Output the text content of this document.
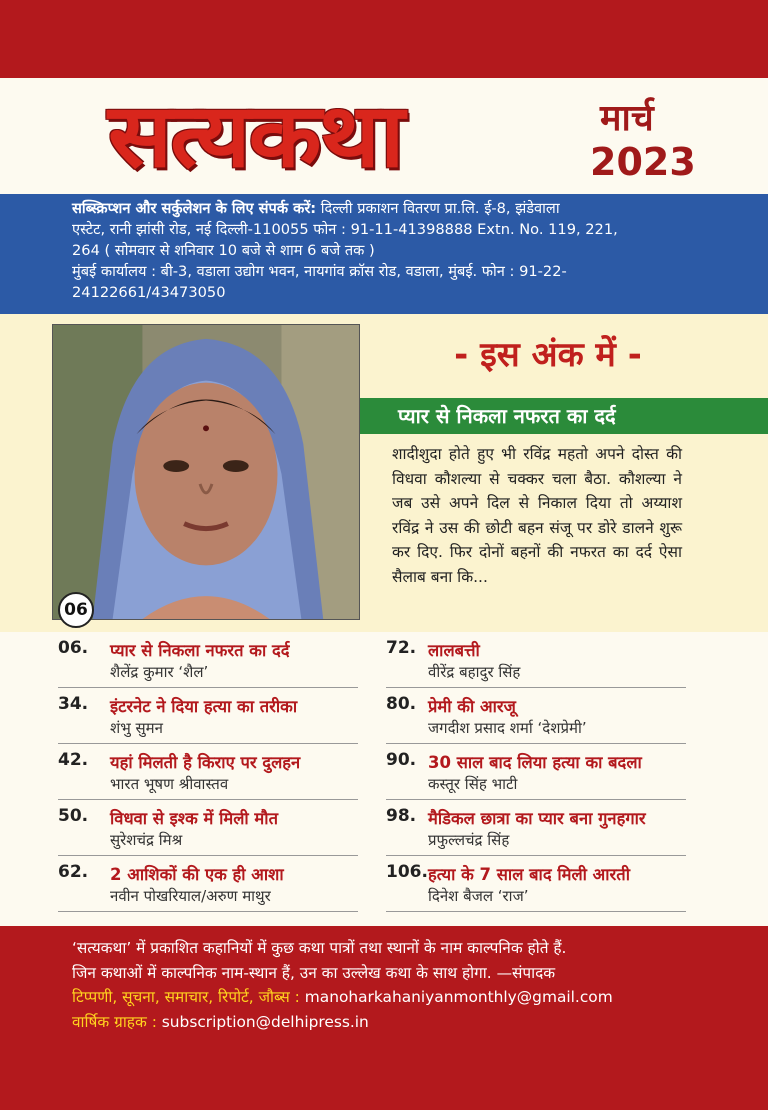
सत्यकथा	मार्च
2023

सब्स्क्रिप्शन और सर्कुलेशन के लिए संपर्क करें: दिल्ली प्रकाशन वितरण प्रा.लि. ई-8, झंडेवाला

एस्टेट, रानी झांसी रोड, नई दिल्ली-110055 फोन : 91-11-41398888 Extn. No. 119, 221,

264 ( सोमवार से शनिवार 10 बजे से शाम 6 बजे तक )

मुंबई कार्यालय : बी-3, वडाला उद्योग भवन, नायगांव क्रॉस रोड, वडाला, मुंबई. फोन : 91-22-

24122661/43473050

06
- इस अंक में -
प्यार से निकला नफरत का दर्द
शादीशुदा होते हुए भी रविंद्र महतो अपने दोस्त की विधवा कौशल्या से चक्कर चला बैठा. कौशल्या ने जब उसे अपने दिल से निकाल दिया तो अय्याश रविंद्र ने उस की छोटी बहन संजू पर डोरे डालने शुरू कर दिए. फिर दोनों बहनों की नफरत का दर्द ऐसा सैलाब बना कि...
06. प्यार से निकला नफरत का दर्द
शैलेंद्र कुमार ‘शैल’
34. इंटरनेट ने दिया हत्या का तरीका
शंभु सुमन
42. यहां मिलती है किराए पर दुलहन
भारत भूषण श्रीवास्तव
50. विधवा से इश्क में मिली मौत
सुरेशचंद्र मिश्र
62. 2 आशिकों की एक ही आशा
नवीन पोखरियाल/अरुण माथुर
72. लालबत्ती
वीरेंद्र बहादुर सिंह
80. प्रेमी की आरजू
जगदीश प्रसाद शर्मा ‘देशप्रेमी’
90. 30 साल बाद लिया हत्या का बदला
कस्तूर सिंह भाटी
98. मैडिकल छात्रा का प्यार बना गुनहगार
प्रफुल्लचंद्र सिंह
106. हत्या के 7 साल बाद मिली आरती
दिनेश बैजल ‘राज’

‘सत्यकथा’ में प्रकाशित कहानियों में कुछ कथा पात्रों तथा स्थानों के नाम काल्पनिक होते हैं.

जिन कथाओं में काल्पनिक नाम-स्थान हैं, उन का उल्लेख कथा के साथ होगा. —संपादक

टिप्पणी, सूचना, समाचार, रिपोर्ट, जौब्स : manoharkahaniyanmonthly@gmail.com

वार्षिक ग्राहक : subscription@delhipress.in
